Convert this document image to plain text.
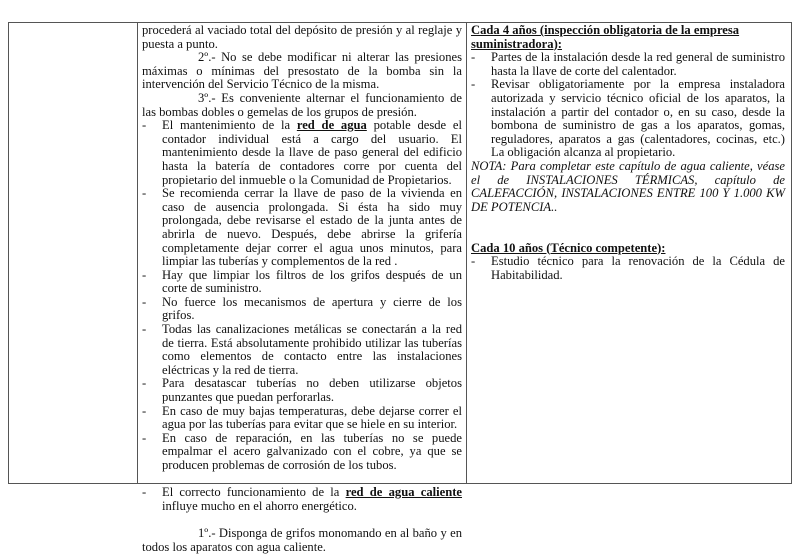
procederá al vaciado total del depósito de presión y al reglaje y puesta a punto.

2º.- No se debe modificar ni alterar las presiones máximas o mínimas del presostato de la bomba sin la intervención del Servicio Técnico de la misma.

3º.- Es conveniente alternar el funcionamiento de las bombas dobles o gemelas de los grupos de presión.

- El mantenimiento de la red de agua potable desde el contador individual está a cargo del usuario. El mantenimiento desde la llave de paso general del edificio hasta la batería de contadores corre por cuenta del propietario del inmueble o la Comunidad de Propietarios.
- Se recomienda cerrar la llave de paso de la vivienda en caso de ausencia prolongada. Si ésta ha sido muy prolongada, debe revisarse el estado de la junta antes de abrirla de nuevo. Después, debe abrirse la grifería completamente dejar correr el agua unos minutos, para limpiar las tuberías y complementos de la red .
- Hay que limpiar los filtros de los grifos después de un corte de suministro.
- No fuerce los mecanismos de apertura y cierre de los grifos.
- Todas las canalizaciones metálicas se conectarán a la red de tierra. Está absolutamente prohibido utilizar las tuberías como elementos de contacto entre las instalaciones eléctricas y la red de tierra.
- Para desatascar tuberías no deben utilizarse objetos punzantes que puedan perforarlas.
- En caso de muy bajas temperaturas, debe dejarse correr el agua por las tuberías para evitar que se hiele en su interior.
- En caso de reparación, en las tuberías no se puede empalmar el acero galvanizado con el cobre, ya que se producen problemas de corrosión de los tubos.
- El correcto funcionamiento de la red de agua caliente influye mucho en el ahorro energético.

1º.- Disponga de grifos monomando en al baño y en todos los aparatos con agua caliente.

Cada 4 años (inspección obligatoria de la empresa suministradora):

- Partes de la instalación desde la red general de suministro hasta la llave de corte del calentador.
- Revisar obligatoriamente por la empresa instaladora autorizada y servicio técnico oficial de los aparatos, la instalación a partir del contador o, en su caso, desde la bombona de suministro de gas a los aparatos, gomas, reguladores, aparatos a gas (calentadores, cocinas, etc.) La obligación alcanza al propietario.

NOTA: Para completar este capítulo de agua caliente, véase el de INSTALACIONES TÉRMICAS, capítulo de CALEFACCIÓN, INSTALACIONES ENTRE 100 Y 1.000 KW DE POTENCIA..

Cada 10 años (Técnico competente):

- Estudio técnico para la renovación de la Cédula de Habitabilidad.
